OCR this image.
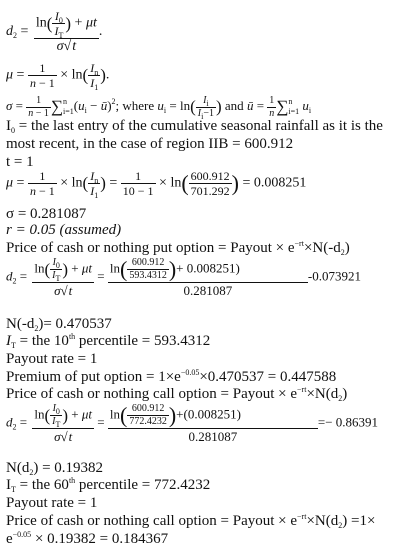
$d_2 = \frac{\ln( \frac{I_0}{I_T} ) + \mu t}{\sigma√t}$ .
$\mu = \frac{1}{n - 1} \times \ln( \frac{I_n}{I_1}$ ).
$\sigma = \frac{1}{n - 1} \sum^n_{i=1}(u_i$ − ū)$^2$; where $u_i = \ln( \frac{I_i}{I_i-1}$ ) and ū = $\frac{1}{n} \sum^n_{i=1}$ $u_i$
$I_0$ = the last entry of the cumulative seasonal rainfall as it is the
most recent, in the case of region IIB = 600.912
t = 1
$\mu = \frac{1}{n - 1} \times \ln( \frac{I_n}{I_1}$ ) = $\frac{1}{10 - 1} \times \ln( \frac{600.912}{701.292}$ ) = 0.008251
σ = 0.281087
r = 0.05 (assumed)
Price of cash or nothing put option = Payout × $e^{-rt}\times N(-d_2)$
$d_2 = \frac{\ln( \frac{I_0}{I_T} ) + \mu t}{\sigma√t} = \frac{\ln( \frac{600.912}{593.4312} )+ 0.008251)}{0.281087} -0.073921$
$N(-d_2)= 0.470537$
$I_T$ = the 10th percentile = 593.4312
Payout rate = 1
Premium of put option = $1\times e^{-0.05}\times 0.470537 = 0.447588$
Price of cash or nothing call option = Payout × $e^{-rt}\times N(d_2)$
$d_2 = \frac{\ln( \frac{I_0}{I_T} ) + \mu t}{\sigma√t} = \frac{\ln( \frac{600.912}{772.4232} )+(0.008251)}{0.281087} =- 0.86391$
$N(d_2) = 0.19382$
$I_T$ = the 60th percentile = 772.4232
Payout rate = 1
Price of cash or nothing call option = Payout × $e^{-rt}\times N(d_2) =1\times$
$e^{-0.05} \times 0.19382 = 0.184367$
